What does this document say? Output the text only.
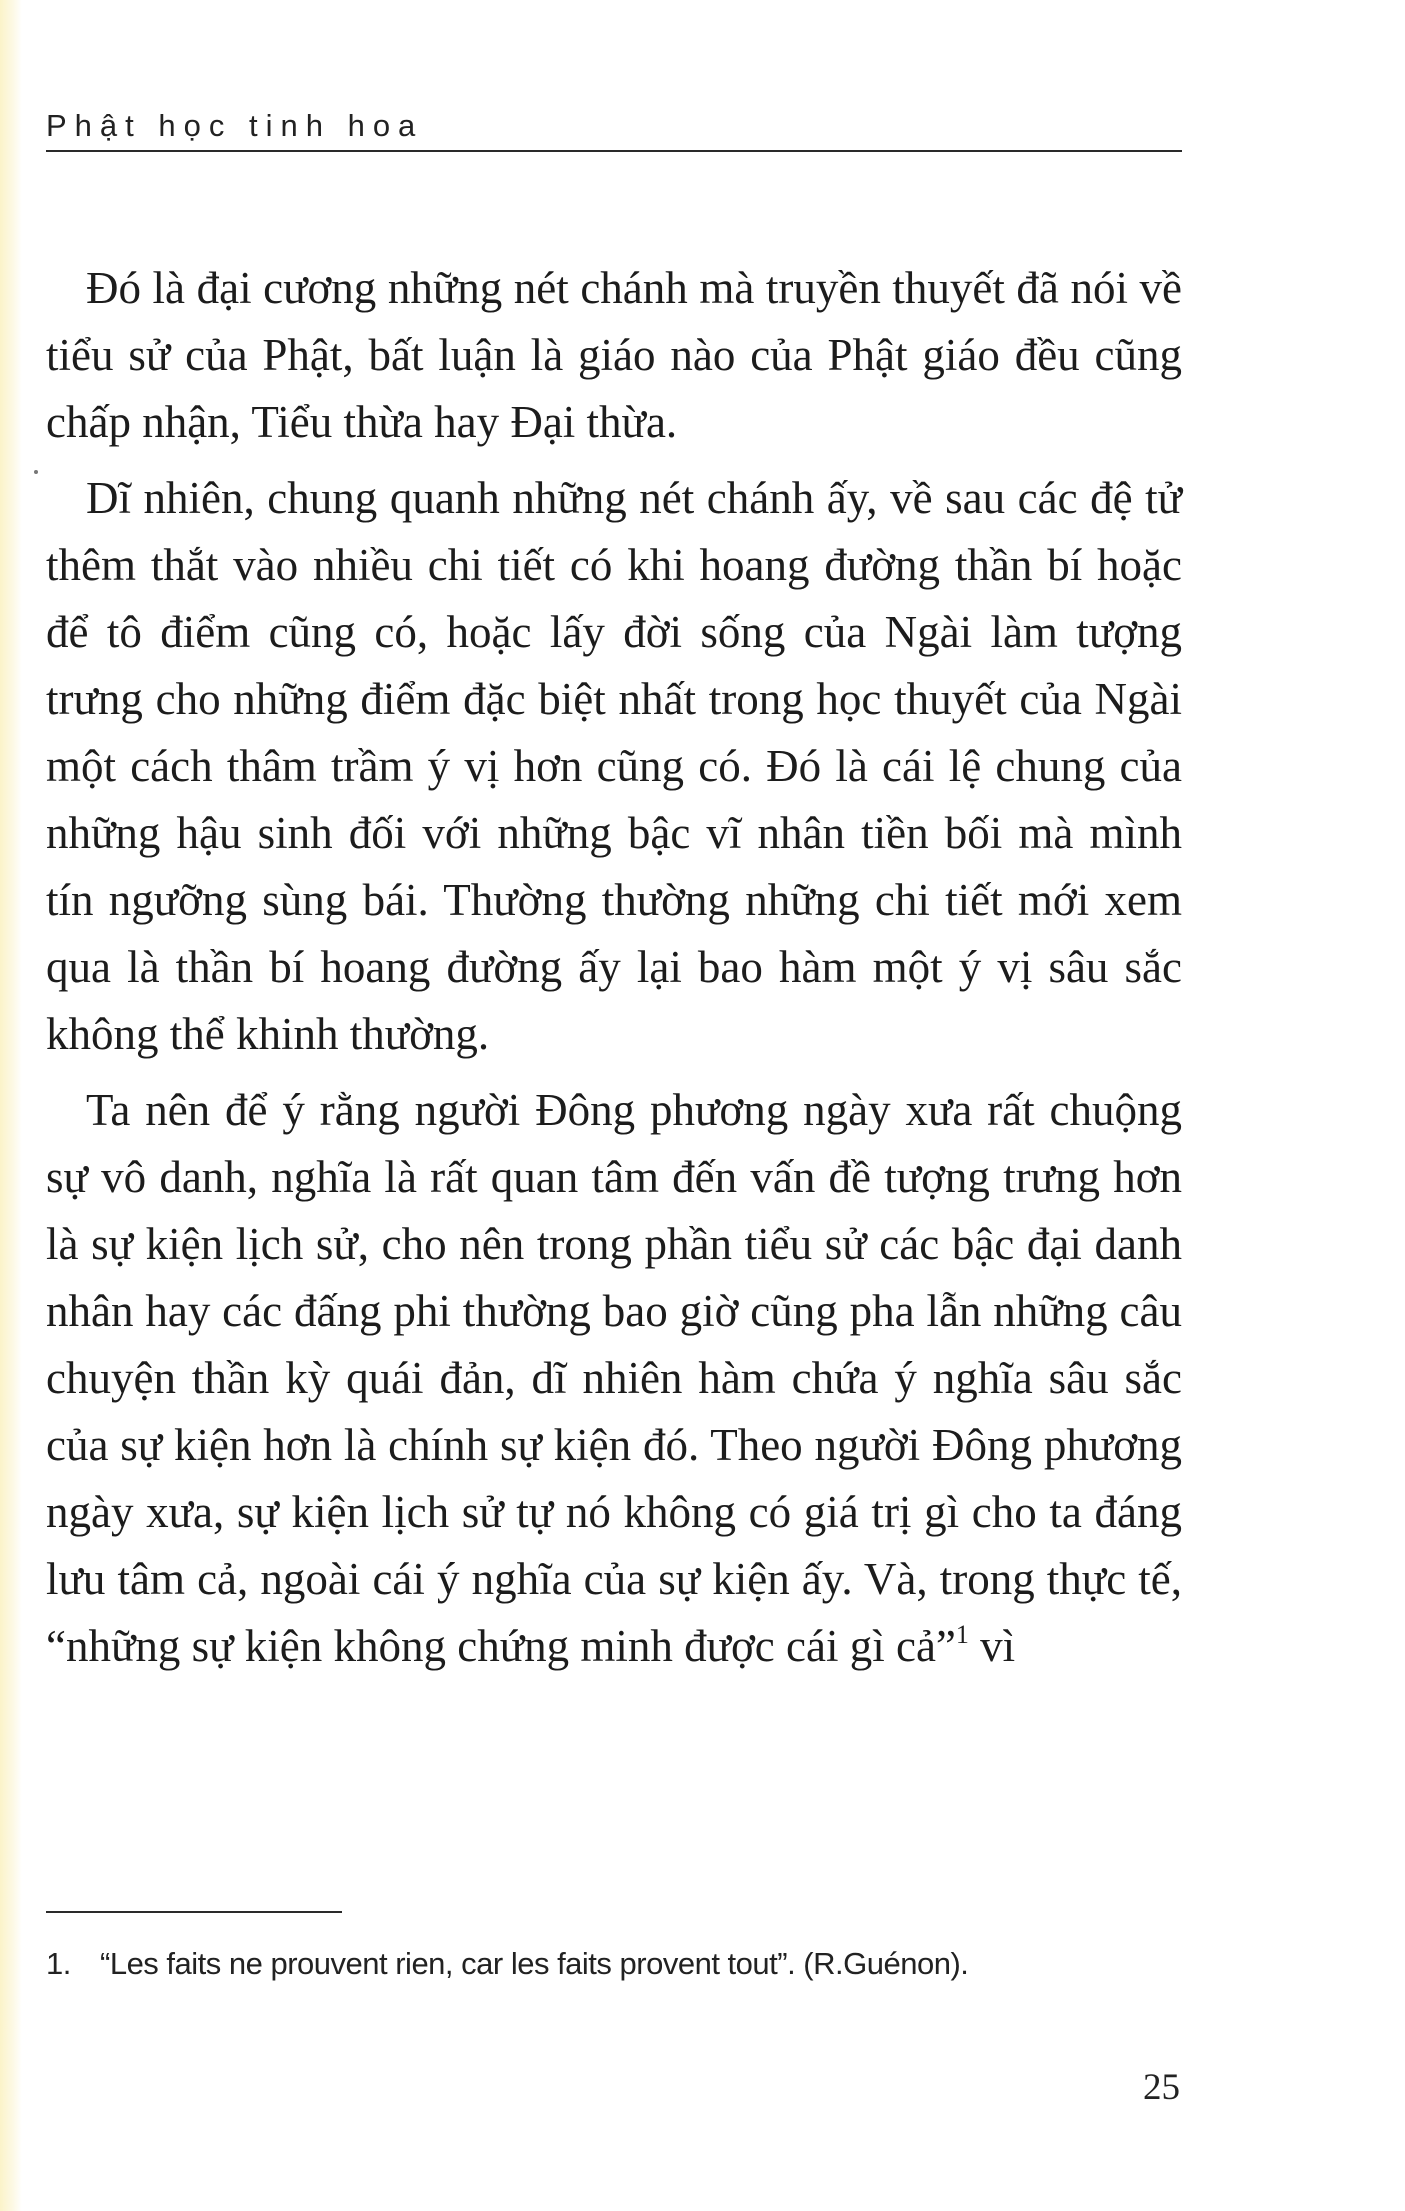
Phật học tinh hoa

Đó là đại cương những nét chánh mà truyền thuyết đã nói về tiểu sử của Phật, bất luận là giáo nào của Phật giáo đều cũng chấp nhận, Tiểu thừa hay Đại thừa.

Dĩ nhiên, chung quanh những nét chánh ấy, về sau các đệ tử thêm thắt vào nhiều chi tiết có khi hoang đường thần bí hoặc để tô điểm cũng có, hoặc lấy đời sống của Ngài làm tượng trưng cho những điểm đặc biệt nhất trong học thuyết của Ngài một cách thâm trầm ý vị hơn cũng có. Đó là cái lệ chung của những hậu sinh đối với những bậc vĩ nhân tiền bối mà mình tín ngưỡng sùng bái. Thường thường những chi tiết mới xem qua là thần bí hoang đường ấy lại bao hàm một ý vị sâu sắc không thể khinh thường.

Ta nên để ý rằng người Đông phương ngày xưa rất chuộng sự vô danh, nghĩa là rất quan tâm đến vấn đề tượng trưng hơn là sự kiện lịch sử, cho nên trong phần tiểu sử các bậc đại danh nhân hay các đấng phi thường bao giờ cũng pha lẫn những câu chuyện thần kỳ quái đản, dĩ nhiên hàm chứa ý nghĩa sâu sắc của sự kiện hơn là chính sự kiện đó. Theo người Đông phương ngày xưa, sự kiện lịch sử tự nó không có giá trị gì cho ta đáng lưu tâm cả, ngoài cái ý nghĩa của sự kiện ấy. Và, trong thực tế, “những sự kiện không chứng minh được cái gì cả”$^1$ vì

1. “Les faits ne prouvent rien, car les faits provent tout”. (R.Guénon).
25
